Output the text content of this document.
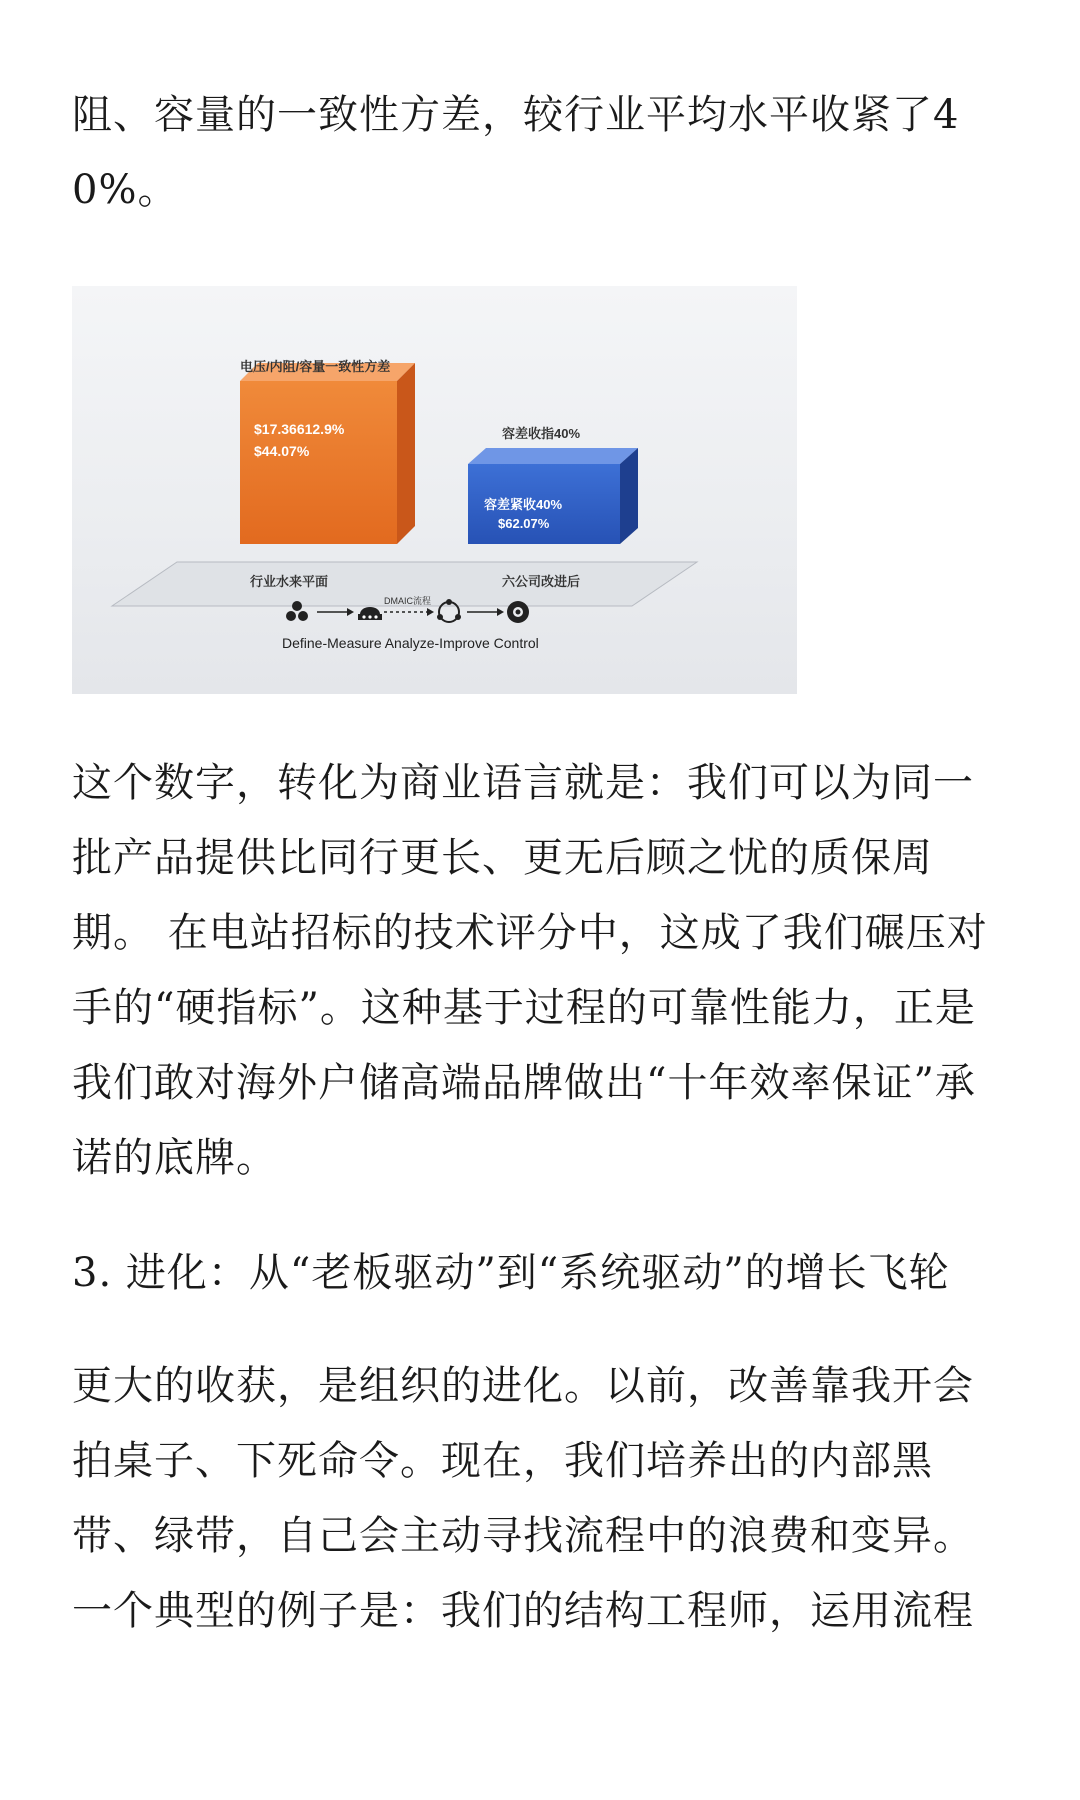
阻、容量的一致性方差，较行业平均水平收紧了40%。

电压/内阻/容量一致性方差
$17.36612.9%
$44.07%
行业水来平面
容差收指40%
容差紧收40%
$62.07%
六公司改进后
DMAIC流程
Define-Measure Analyze-Improve Control

这个数字，转化为商业语言就是：我们可以为同一批产品提供比同行更长、更无后顾之忧的质保周期。 在电站招标的技术评分中，这成了我们碾压对手的“硬指标”。这种基于过程的可靠性能力，正是我们敢对海外户储高端品牌做出“十年效率保证”承诺的底牌。

3. 进化：从“老板驱动”到“系统驱动”的增长飞轮

更大的收获，是组织的进化。以前，改善靠我开会拍桌子、下死命令。现在，我们培养出的内部黑带、绿带，自己会主动寻找流程中的浪费和变异。一个典型的例子是：我们的结构工程师，运用流程
